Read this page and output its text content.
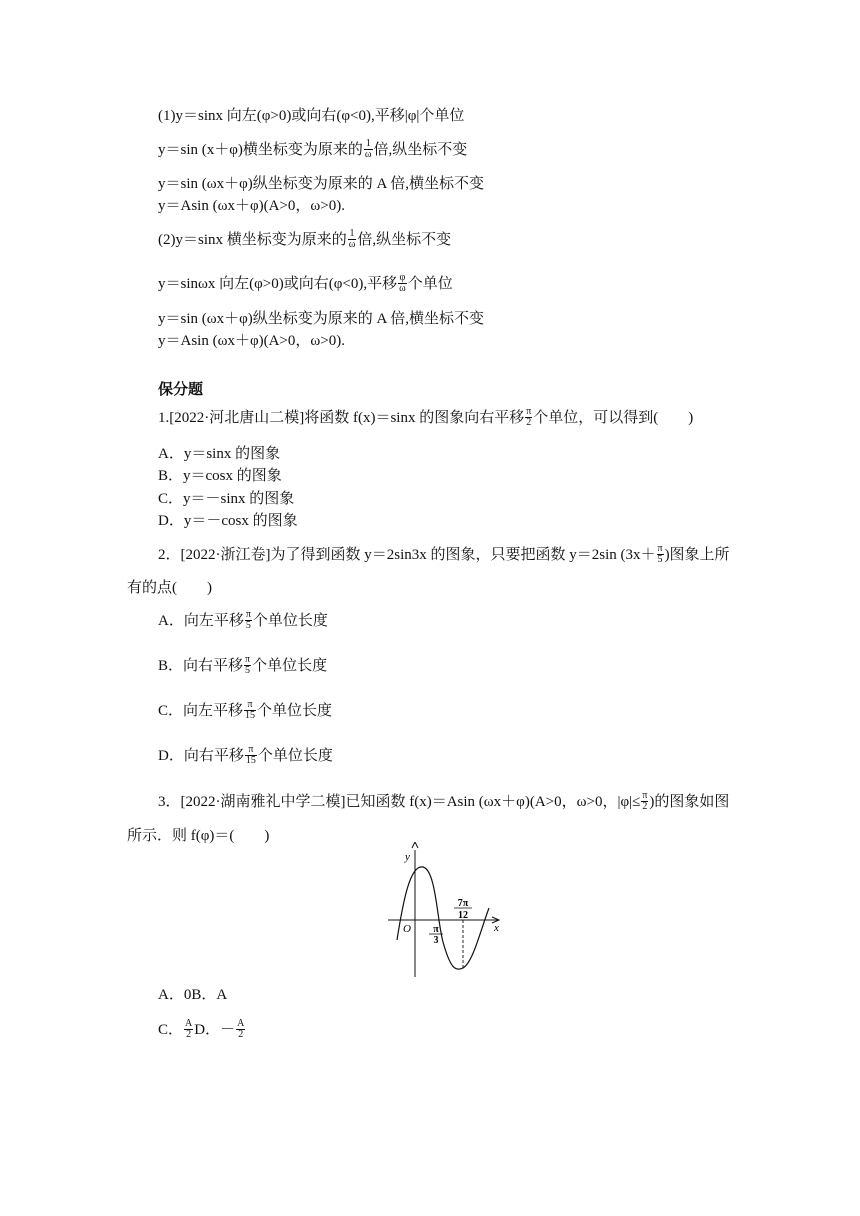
(1)y＝sinx 向左(φ>0)或向右(φ<0),平移|φ|个单位
y＝sin (x＋φ)横坐标变为原来的 $\frac{1}{\omega}$ 倍,纵坐标不变
y＝sin (ωx＋φ)纵坐标变为原来的 A 倍,横坐标不变
y＝Asin (ωx＋φ)(A>0，ω>0).
(2)y＝sinx 横坐标变为原来的 $\frac{1}{\omega}$ 倍,纵坐标不变
y＝sinωx 向左(φ>0)或向右(φ<0),平移 $\frac{\varphi}{\omega}$ 个单位
y＝sin (ωx＋φ)纵坐标变为原来的 A 倍,横坐标不变
y＝Asin (ωx＋φ)(A>0，ω>0).
保分题
1.[2022·河北唐山二模]将函数 f(x)＝sinx 的图象向右平移 $\frac{\pi}{2}$ 个单位，可以得到(　　)
A．y＝sinx 的图象
B．y＝cosx 的图象
C．y＝－sinx 的图象
D．y＝－cosx 的图象
2．[2022·浙江卷]为了得到函数 y＝2sin3x 的图象，只要把函数 y＝2sin ($3x+ \frac{\pi}{5}$ )图象上所
有的点(　　)
A．向左平移 $\frac{\pi}{5}$ 个单位长度
B．向右平移 $\frac{\pi}{5}$ 个单位长度
C．向左平移 $\frac{\pi}{15}$ 个单位长度
D．向右平移 $\frac{\pi}{15}$ 个单位长度
3．[2022·湖南雅礼中学二模]已知函数 f(x)＝Asin (ωx＋φ)(A>0，ω>0，$|\varphi|\le \frac{\pi}{2}$ )的图象如图
所示．则 f(φ)＝(　　)
y
x
O π
3
7π
12
A．0B．A
C． $\frac{A}{2}$ D．－ $\frac{A}{2}$
